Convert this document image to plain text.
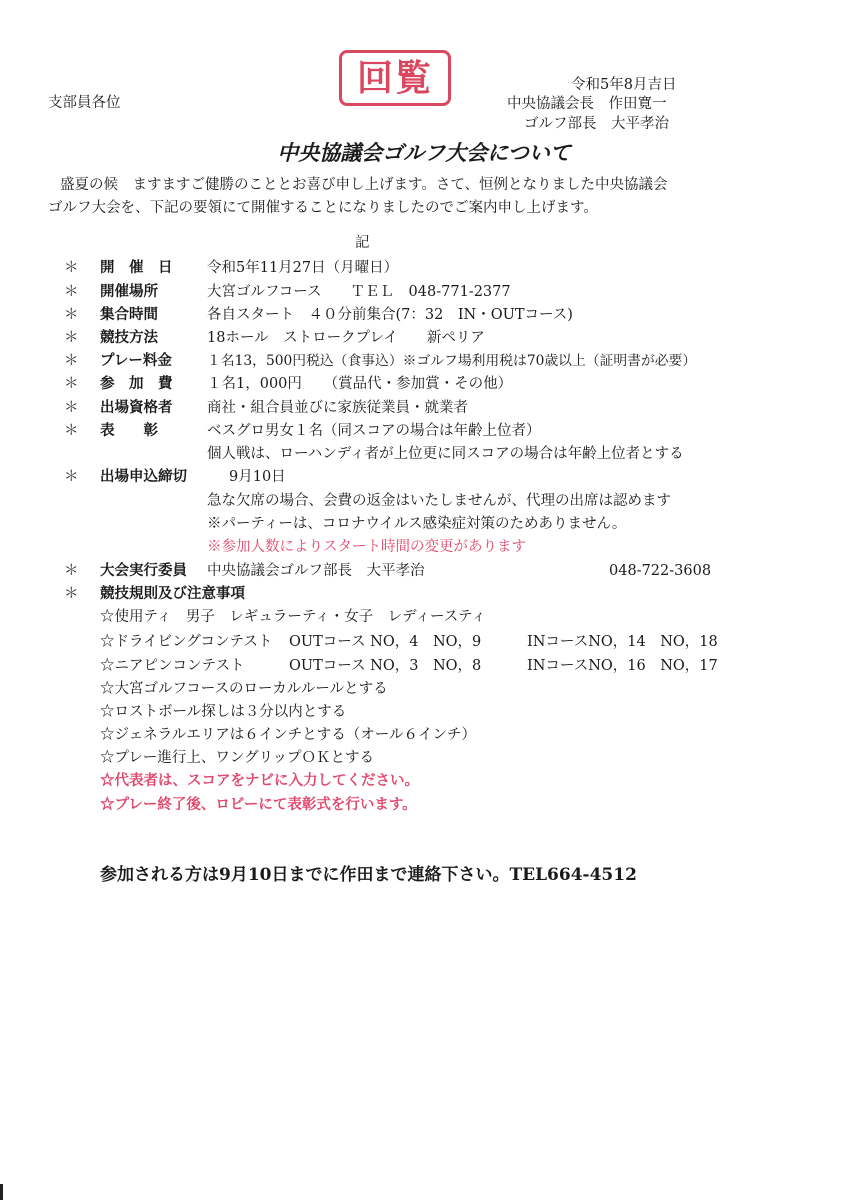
支部員各位
回覧	令和5年8月吉日
中央協議会長　作田寛一
ゴルフ部長　大平孝治
中央協議会ゴルフ大会について
盛夏の候　ますますご健勝のこととお喜び申し上げます。さて、恒例となりました中央協議会
ゴルフ大会を、下記の要領にて開催することになりましたのでご案内申し上げます。
記
＊ 開　催　日 令和5年11月27日（月曜日）
＊ 開催場所	大宮ゴルフコース　　ＴＥＬ　048-771-2377
＊ 集合時間	各自スタート　４０分前集合(7：32　IN・OUTコース)
＊ 競技方法	18ホール　ストロークプレイ　　新ペリア
＊ プレー料金	１名13，500円税込（食事込）※ゴルフ場利用税は70歳以上（証明書が必要）
＊ 参　加　費 １名1，000円　　（賞品代・参加賞・その他）
＊ 出場資格者 商社・組合員並びに家族従業員・就業者
＊ 表　　彰	ベスグロ男女１名（同スコアの場合は年齢上位者）
個人戦は、ローハンディ者が上位更に同スコアの場合は年齢上位者とする
＊ 出場申込締切	9月10日
急な欠席の場合、会費の返金はいたしませんが、代理の出席は認めます
※パーティーは、コロナウイルス感染症対策のためありません。
※参加人数によりスタート時間の変更があります
＊ 大会実行委員 中央協議会ゴルフ部長　大平孝治	048-722-3608
＊ 競技規則及び注意事項
☆使用ティ　男子　レギュラーティ・女子　レディースティ
☆ドライビングコンテスト OUTコース NO，4　NO，9	INコースNO，14　NO，18
☆ニアピンコンテスト	OUTコース NO，3　NO，8	INコースNO，16　NO，17
☆大宮ゴルフコースのローカルルールとする
☆ロストボール探しは３分以内とする
☆ジェネラルエリアは６インチとする（オール６インチ）
☆プレー進行上、ワングリップＯＫとする
☆代表者は、スコアをナビに入力してください。
☆プレー終了後、ロビーにて表彰式を行います。
参加される方は9月10日までに作田まで連絡下さい。TEL664-4512
